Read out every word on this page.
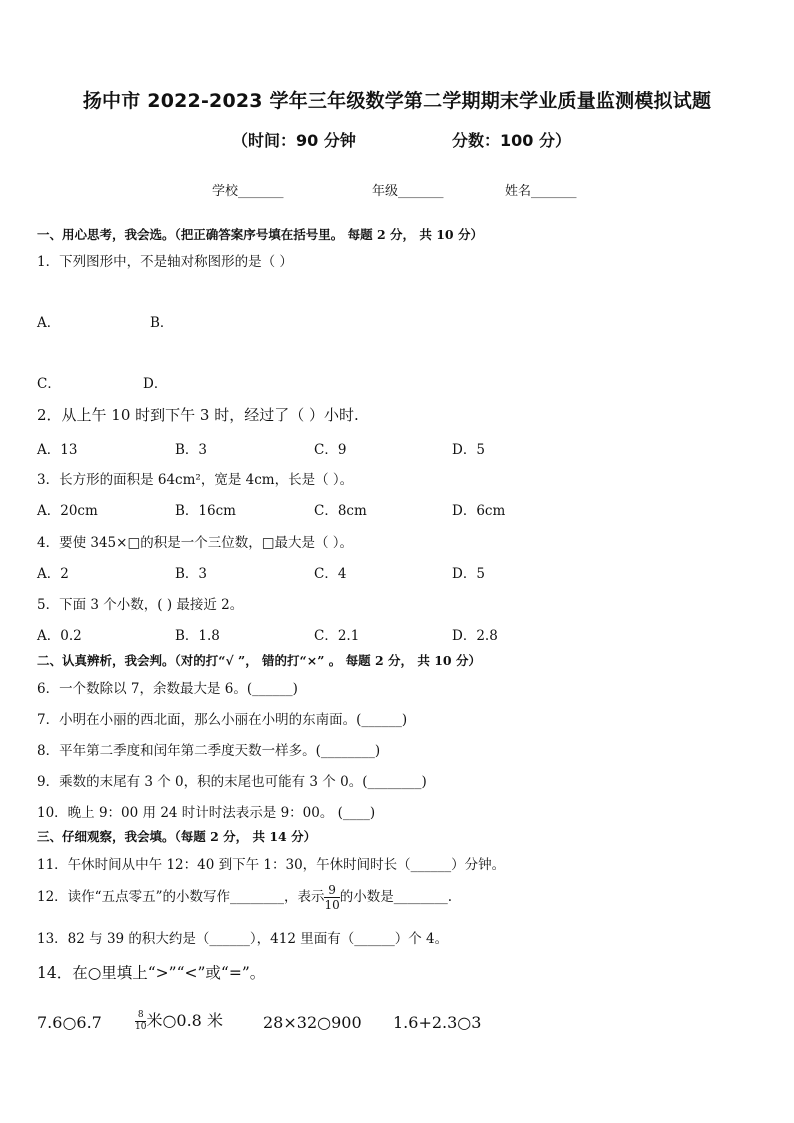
扬中市 2022-2023 学年三年级数学第二学期期末学业质量监测模拟试题
（时间：90 分钟	分数：100 分）
学校_______	年级_______	姓名_______
一、用心思考，我会选。（把正确答案序号填在括号里。 每题 2 分， 共 10 分）
1．下列图形中，不是轴对称图形的是（ ）
A．	B．
C．	D．
2．从上午 10 时到下午 3 时，经过了（ ）小时.
A．13	B．3	C．9	D．5
3．长方形的面积是 64cm²，宽是 4cm，长是（ ）。
A．20cm	B．16cm	C．8cm	D．6cm
4．要使 345×□的积是一个三位数，□最大是（ ）。
A．2	B．3	C．4	D．5
5．下面 3 个小数，( ) 最接近 2。
A．0.2	B．1.8	C．2.1	D．2.8
二、认真辨析，我会判。（对的打“√ ”， 错的打“×” 。 每题 2 分， 共 10 分）
6．一个数除以 7，余数最大是 6。(______)
7．小明在小丽的西北面，那么小丽在小明的东南面。(______)
8．平年第二季度和闰年第二季度天数一样多。(________)
9．乘数的末尾有 3 个 0，积的末尾也可能有 3 个 0。(________)
10．晚上 9：00 用 24 时计时法表示是 9：00。 (____)
三、仔细观察，我会填。（每题 2 分， 共 14 分）
11．午休时间从中午 12：40 到下午 1：30，午休时间时长（______）分钟。
12．读作“五点零五”的小数写作________，表示 $\frac{9}{10}$ 的小数是________.
13．82 与 39 的积大约是（______），412 里面有（______）个 4。
14．在○里填上“>”“<”或“=”。
7.6○6.7	$\frac{8}{10}$ 米○0.8 米	28×32○900 1.6+2.3○3
